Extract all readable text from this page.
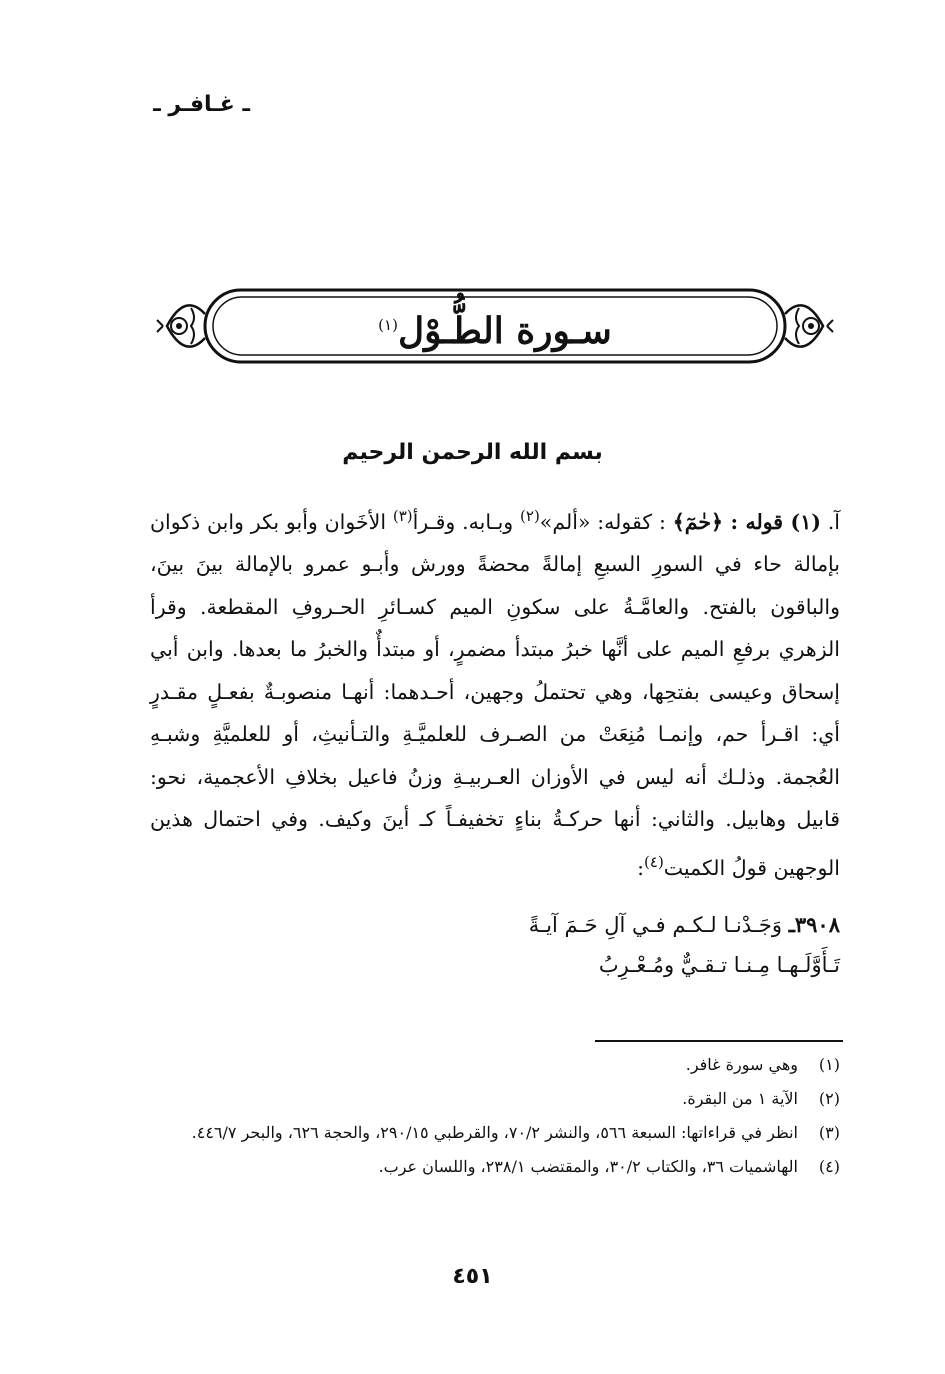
ـ غـافـر ـ
سـورة الطُّـوْل$^{(١)}$
بسم الله الرحمن الرحيم

آ. (١) قوله : ﴿حٰمٓ﴾ : كقوله: «ألم»$^{(٢)}$ وبـابه. وقـرأ$^{(٣)}$ الأخَوان وأبو بكر وابن ذكوان بإمالة حاء في السورِ السبعِ إمالةً محضةً وورش وأبـو عمرو بالإمالة بينَ بينَ، والباقون بالفتح. والعامَّـةُ على سكونِ الميم كسـائرِ الحـروفِ المقطعة. وقرأ الزهري برفعِ الميم على أنَّها خبرُ مبتدأ مضمرٍ، أو مبتدأٌ والخبرُ ما بعدها. وابن أبي إسحاق وعيسى بفتحِها، وهي تحتملُ وجهين، أحـدهما: أنهـا منصوبـةٌ بفعـلٍ مقـدرٍ أي: اقـرأ حم، وإنمـا مُنِعَتْ من الصـرف للعلميَّـةِ والتـأنيثِ، أو للعلميَّةِ وشبـهِ العُجمة. وذلـك أنه ليس في الأوزان العـربيـةِ وزنُ فاعيل بخلافِ الأعجمية، نحو: قابيل وهابيل. والثاني: أنها حركـةُ بناءٍ تخفيفـاً كـ أينَ وكيف. وفي احتمال هذين الوجهين قولُ الكميت$^{(٤)}$:

٣٩٠٨ـ وَجَـدْنـا لـكـم فـي آلِ حَـمَ آيـةً
تَـأَوَّلَـهـا مِـنـا تـقـيٌّ ومُـعْـرِبُ
(١)
وهي سورة غافر.
(٢)
الآية ١ من البقرة.
(٣)
انظر في قراءاتها: السبعة ٥٦٦، والنشر ٧٠/٢، والقرطبي ٢٩٠/١٥، والحجة ٦٢٦، والبحر ٤٤٦/٧.
(٤)
الهاشميات ٣٦، والكتاب ٣٠/٢، والمقتضب ٢٣٨/١، واللسان عرب.
٤٥١
